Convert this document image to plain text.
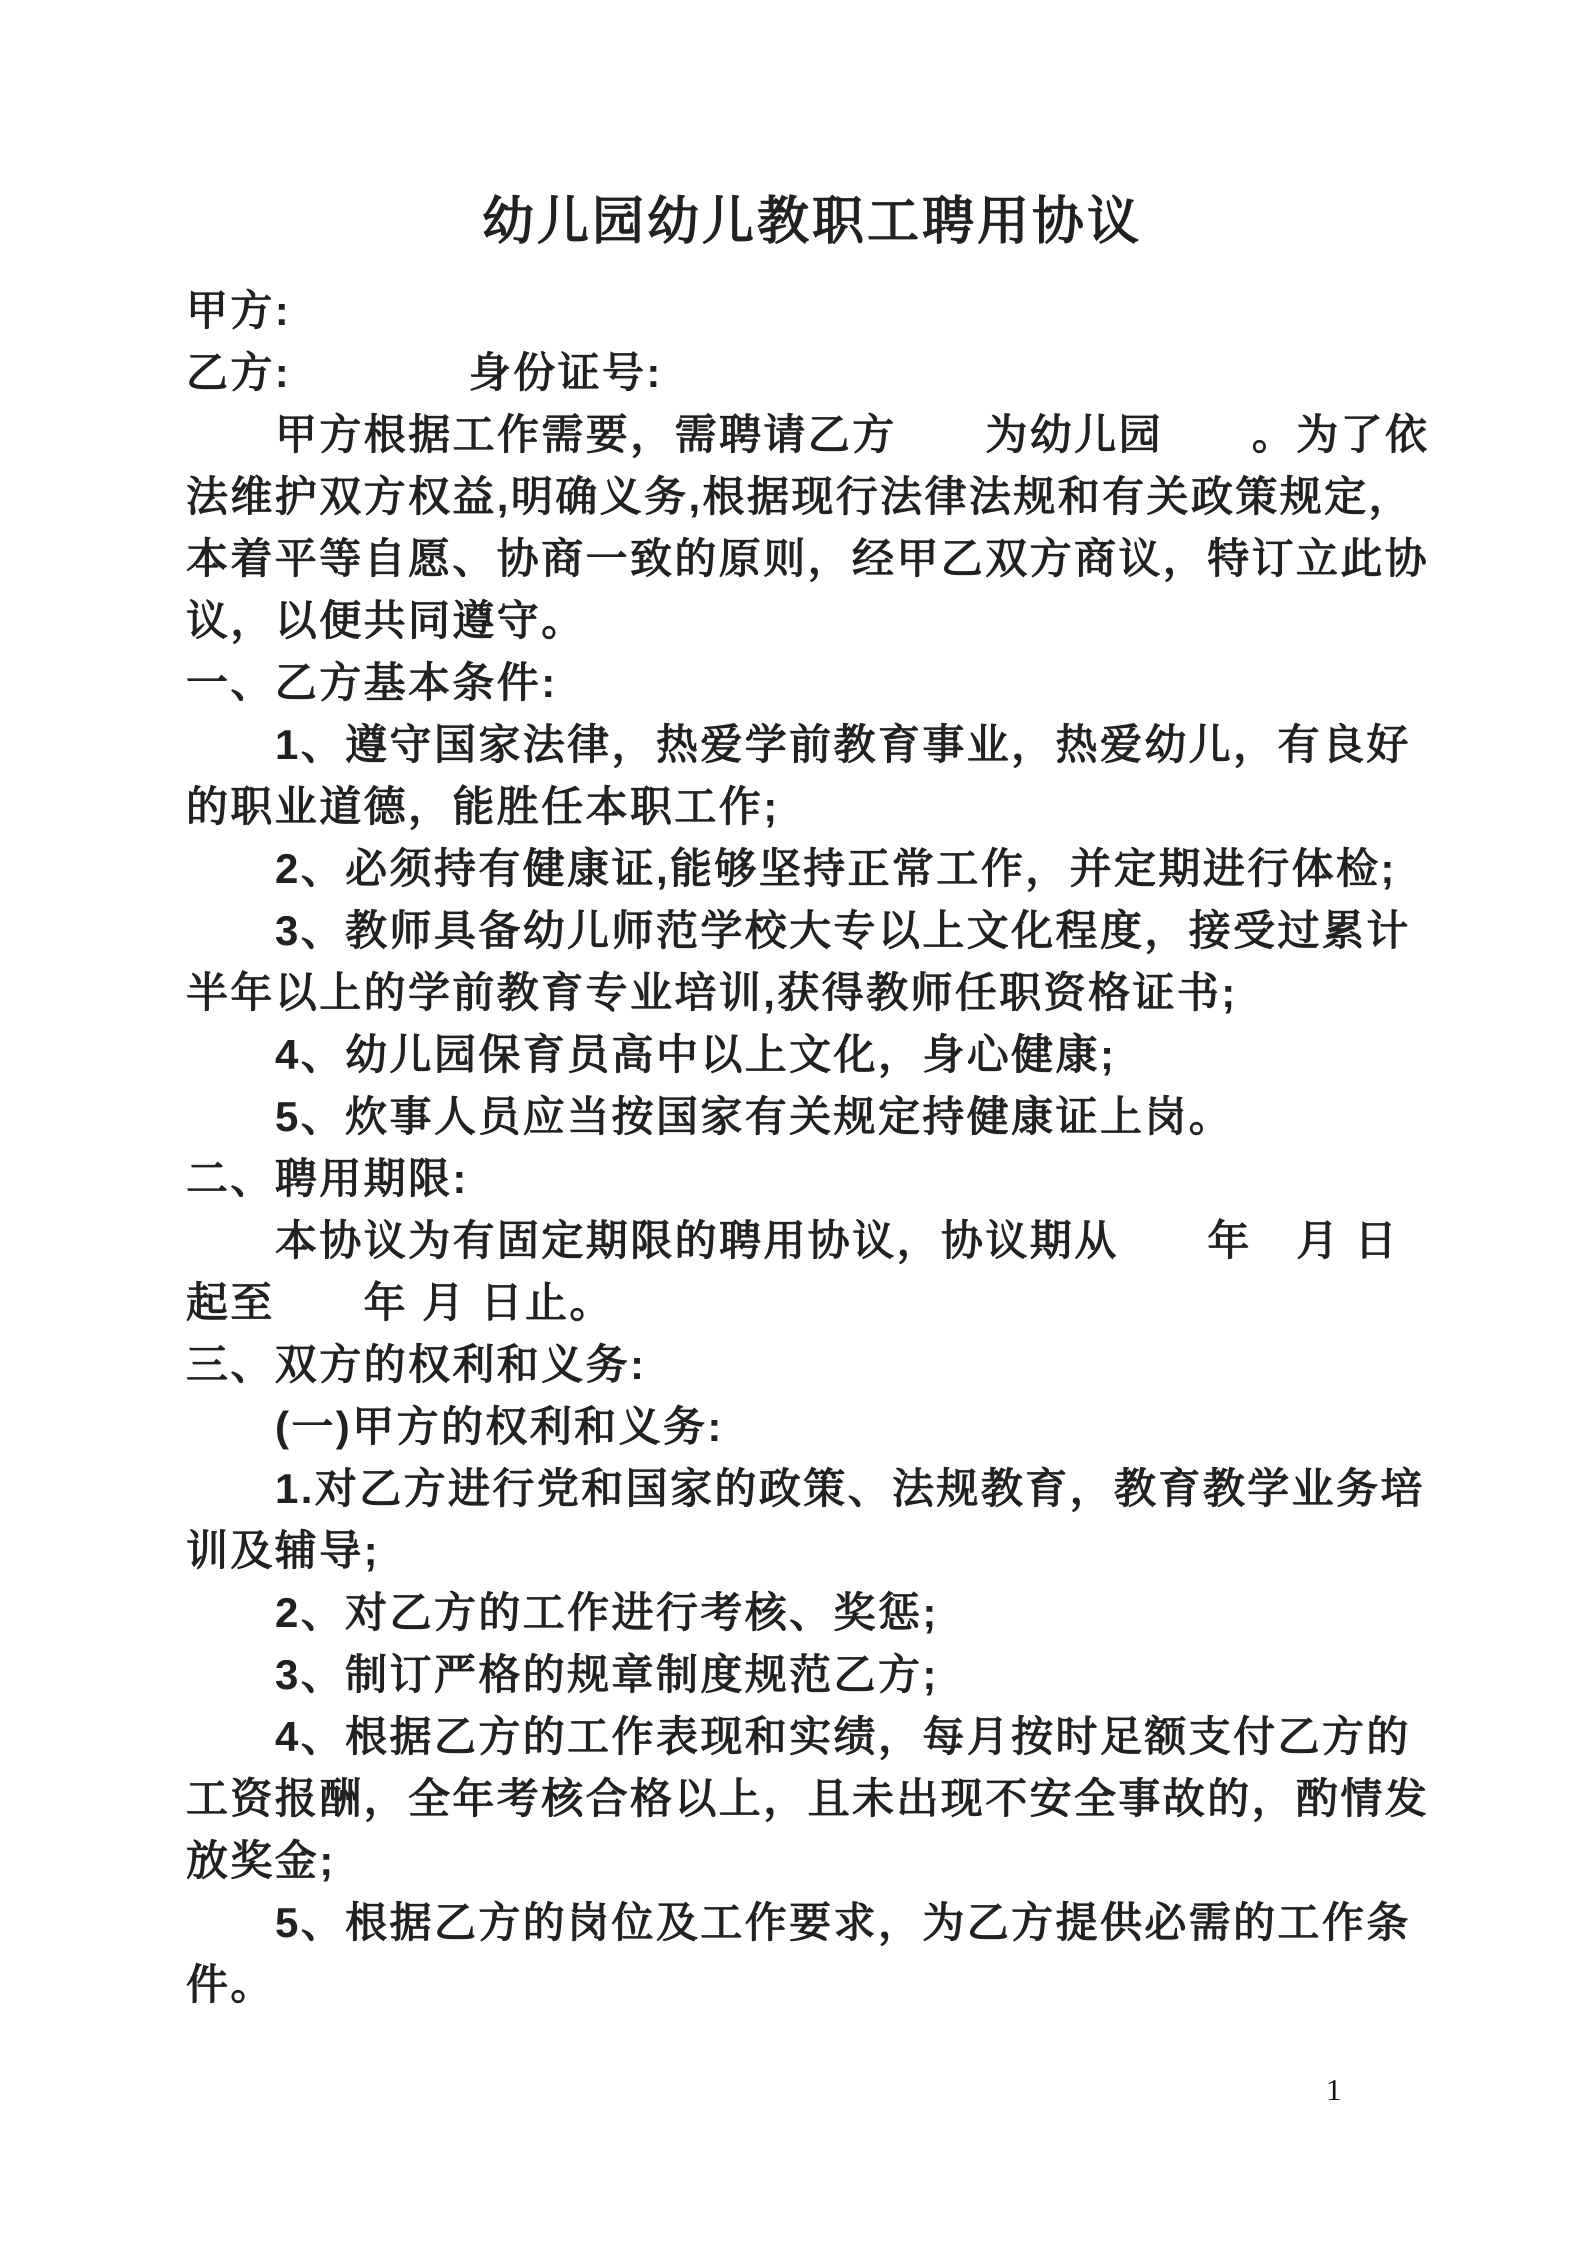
幼儿园幼儿教职工聘用协议
甲方:
乙方:　　　　身份证号:
甲方根据工作需要，需聘请乙方　　为幼儿园　　。为了依
法维护双方权益,明确义务,根据现行法律法规和有关政策规定，
本着平等自愿、协商一致的原则，经甲乙双方商议，特订立此协
议，以便共同遵守。
一、乙方基本条件:
1、遵守国家法律，热爱学前教育事业，热爱幼儿，有良好
的职业道德，能胜任本职工作;
2、必须持有健康证,能够坚持正常工作，并定期进行体检;
3、教师具备幼儿师范学校大专以上文化程度，接受过累计
半年以上的学前教育专业培训,获得教师任职资格证书;
4、幼儿园保育员高中以上文化，身心健康;
5、炊事人员应当按国家有关规定持健康证上岗。
二、聘用期限:
本协议为有固定期限的聘用协议，协议期从　　年　月 日
起至　　年 月 日止。
三、双方的权利和义务:
(一)甲方的权利和义务:
1.对乙方进行党和国家的政策、法规教育，教育教学业务培
训及辅导;
2、对乙方的工作进行考核、奖惩;
3、制订严格的规章制度规范乙方;
4、根据乙方的工作表现和实绩，每月按时足额支付乙方的
工资报酬，全年考核合格以上，且未出现不安全事故的，酌情发
放奖金;
5、根据乙方的岗位及工作要求，为乙方提供必需的工作条
件。
1
